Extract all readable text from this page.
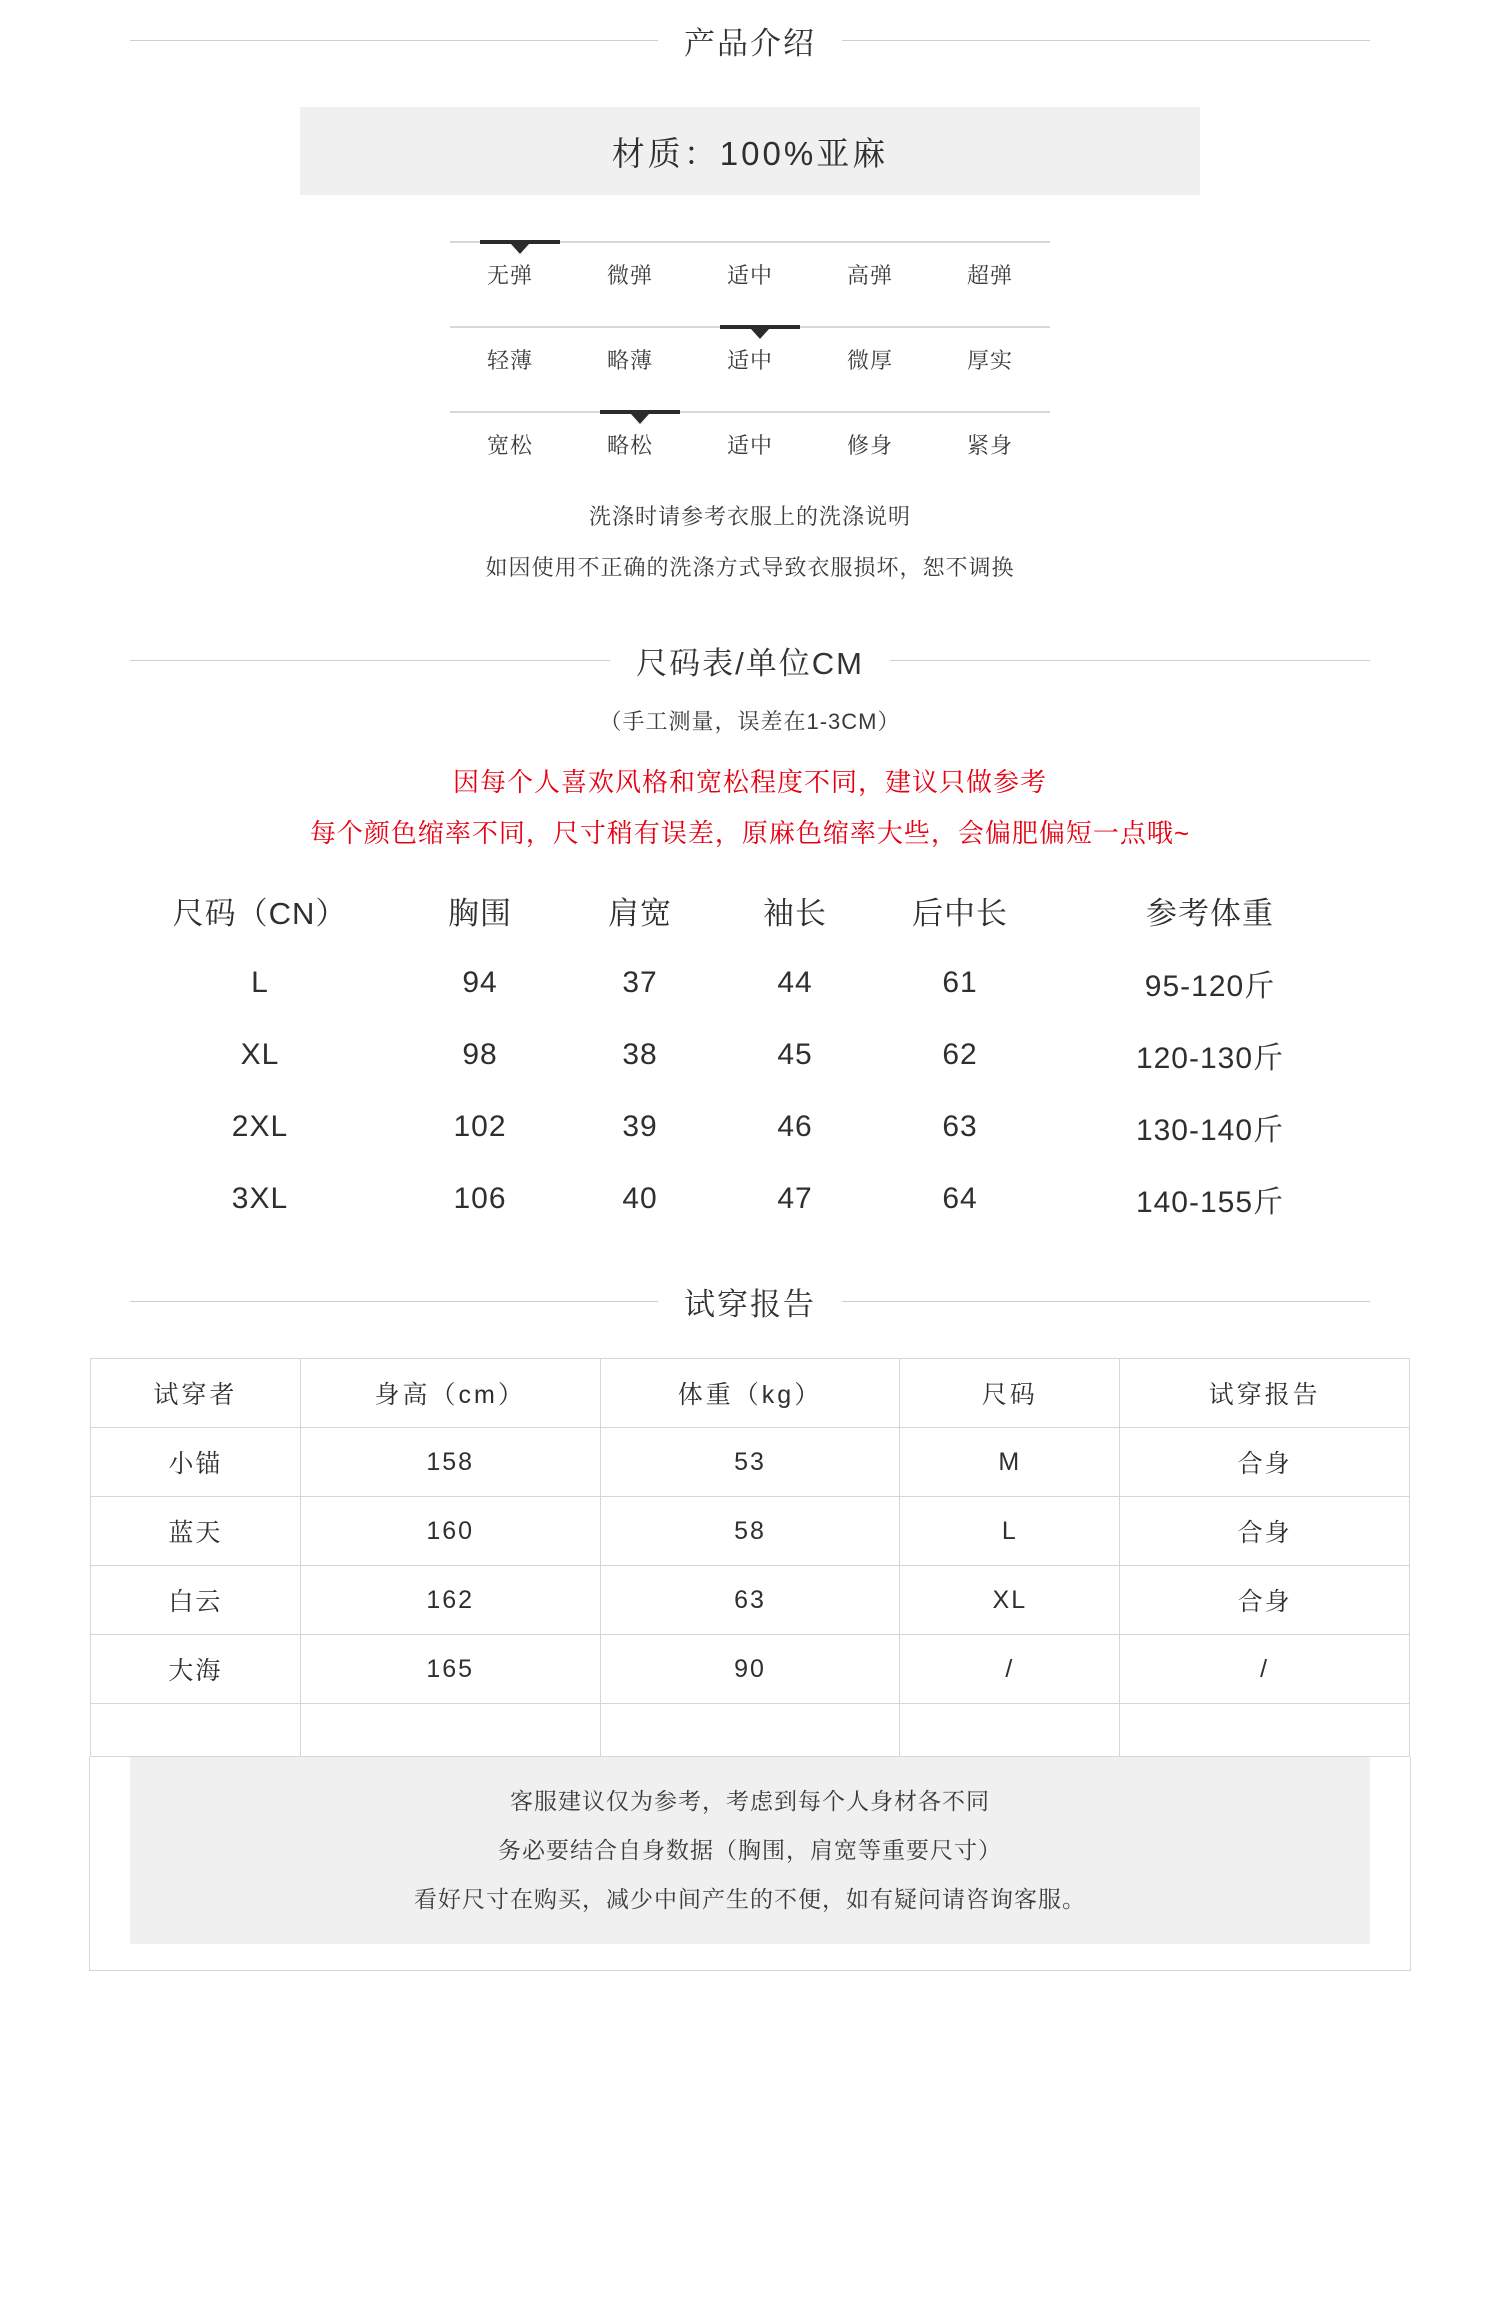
产品介绍
材质：100%亚麻
无弹	微弹	适中	高弹	超弹
轻薄	略薄	适中	微厚	厚实
宽松	略松	适中	修身	紧身

洗涤时请参考衣服上的洗涤说明

如因使用不正确的洗涤方式导致衣服损坏，恕不调换

尺码表/单位CM
（手工测量，误差在1-3CM）

因每个人喜欢风格和宽松程度不同，建议只做参考

每个颜色缩率不同，尺寸稍有误差，原麻色缩率大些，会偏肥偏短一点哦~

尺码（CN）	胸围	肩宽	袖长	后中长	参考体重
L	94	37	44	61	95-120斤
XL	98	38	45	62	120-130斤
2XL	102	39	46	63	130-140斤
3XL	106	40	47	64	140-155斤
试穿报告
试穿者	身高（cm）	体重（kg）	尺码	试穿报告
小锚	158	53	M	合身
蓝天	160	58	L	合身
白云	162	63	XL	合身
大海	165	90	/	/

客服建议仅为参考，考虑到每个人身材各不同

务必要结合自身数据（胸围，肩宽等重要尺寸）

看好尺寸在购买，减少中间产生的不便，如有疑问请咨询客服。
